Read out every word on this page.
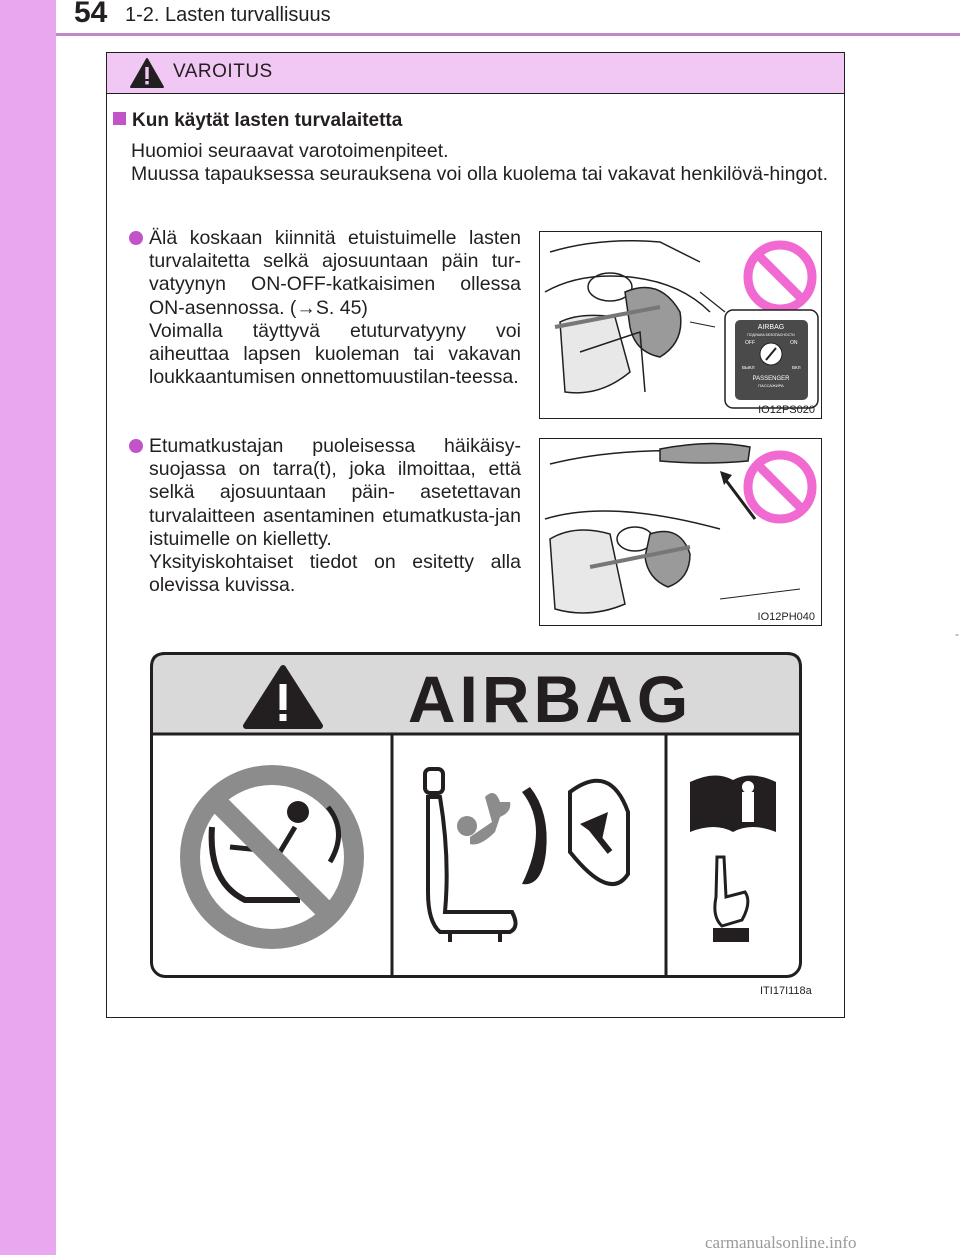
54 1-2. Lasten turvallisuus
VAROITUS
Kun käytät lasten turvalaitetta

Huomioi seuraavat varotoimenpiteet.

Muussa tapauksessa seurauksena voi olla kuolema tai vakavat henkilövä-hingot.

Älä koskaan kiinnitä etuistuimelle lasten turvalaitetta selkä ajosuuntaan päin tur-vatyynyn ON-OFF-katkaisimen ollessa ON-asennossa. (→S. 45)

Voimalla täyttyvä etuturvatyyny voi aiheuttaa lapsen kuoleman tai vakavan loukkaantumisen onnettomuustilan-teessa.

AIRBAG
ПОДУШКА БЕЗОПАСНОСТИ
OFF	ON
ВЫКЛ	ВКЛ
PASSENGER
ПАССАЖИРА
IO12PS020

Etumatkustajan puoleisessa häikäisy-suojassa on tarra(t), joka ilmoittaa, että selkä ajosuuntaan päin- asetettavan turvalaitteen asentaminen etumatkusta-jan istuimelle on kielletty.

Yksityiskohtaiset tiedot on esitetty alla olevissa kuvissa.

IO12PH040
AIRBAG
ITI17I118a
-
carmanualsonline.info
